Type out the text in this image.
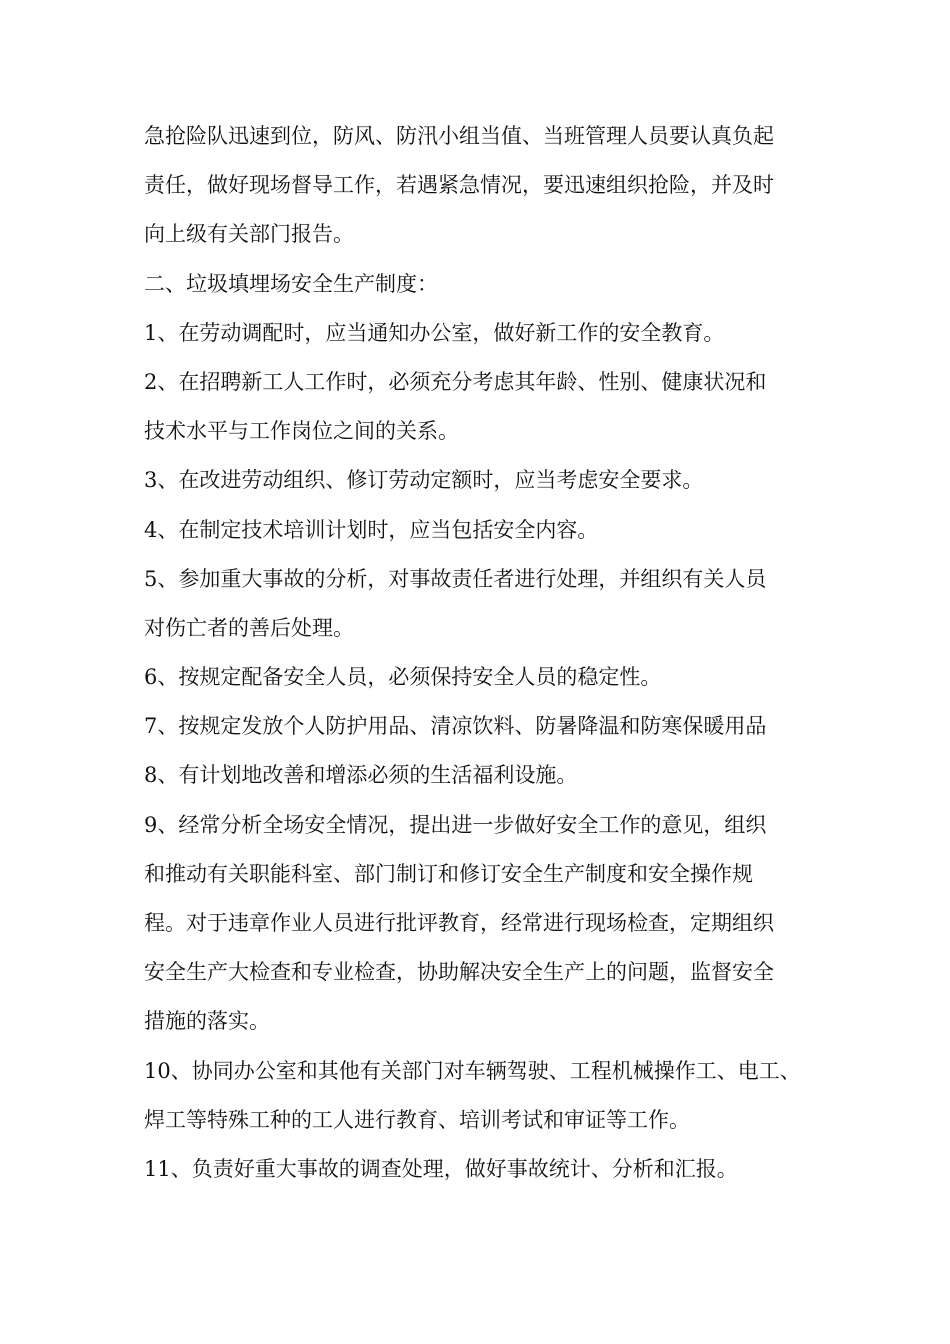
急抢险队迅速到位，防风、防汛小组当值、当班管理人员要认真负起
责任，做好现场督导工作，若遇紧急情况，要迅速组织抢险，并及时
向上级有关部门报告。
二、垃圾填埋场安全生产制度：
1、在劳动调配时，应当通知办公室，做好新工作的安全教育。
2、在招聘新工人工作时，必须充分考虑其年龄、性别、健康状况和
技术水平与工作岗位之间的关系。
3、在改进劳动组织、修订劳动定额时，应当考虑安全要求。
4、在制定技术培训计划时，应当包括安全内容。
5、参加重大事故的分析，对事故责任者进行处理，并组织有关人员
对伤亡者的善后处理。
6、按规定配备安全人员，必须保持安全人员的稳定性。
7、按规定发放个人防护用品、清凉饮料、防暑降温和防寒保暖用品
8、有计划地改善和增添必须的生活福利设施。
9、经常分析全场安全情况，提出进一步做好安全工作的意见，组织
和推动有关职能科室、部门制订和修订安全生产制度和安全操作规
程。对于违章作业人员进行批评教育，经常进行现场检查，定期组织
安全生产大检查和专业检查，协助解决安全生产上的问题，监督安全
措施的落实。
10、协同办公室和其他有关部门对车辆驾驶、工程机械操作工、电工、
焊工等特殊工种的工人进行教育、培训考试和审证等工作。
11、负责好重大事故的调查处理，做好事故统计、分析和汇报。
